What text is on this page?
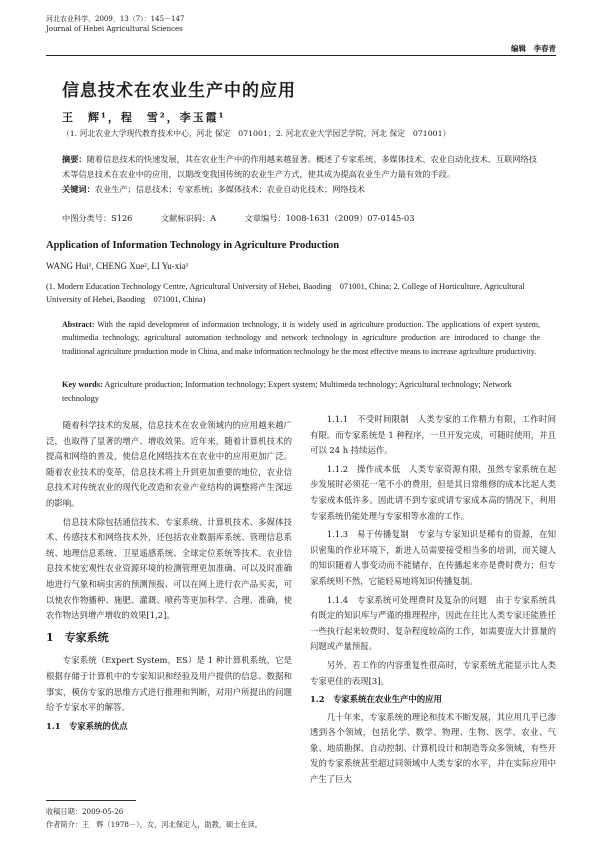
河北农业科学，2009，13（7）：145－147
Journal of Hebei Agricultural Sciences
编辑　李春青
信息技术在农业生产中的应用
王　辉¹，程　雪²，李玉霞¹
（1. 河北农业大学现代教育技术中心，河北 保定　071001；2. 河北农业大学园艺学院，河北 保定　071001）
摘要：随着信息技术的快速发展，其在农业生产中的作用越来越显著。概述了专家系统、多媒体技术、农业自动化技术、互联网络技术等信息技术在农业中的应用，以期改变我国传统的农业生产方式，使其成为提高农业生产力最有效的手段。
关键词：农业生产；信息技术；专家系统；多媒体技术；农业自动化技术；网络技术
中图分类号：S126	文献标识码：A	文章编号：1008-1631（2009）07-0145-03
Application of Information Technology in Agriculture Production
WANG Hui¹, CHENG Xue², LI Yu-xia¹
(1. Modern Education Technology Centre, Agricultural University of Hebei, Baoding　071001, China; 2. College of Horticulture, Agricultural University of Hebei, Baoding　071001, China)
Abstract: With the rapid development of information technology, it is widely used in agriculture production. The applications of expert system, multimedia technology, agricultural automation technology and network technology in agriculture production are introduced to change the traditional agriculture production mode in China, and make information technology be the most effective means to increase agriculture productivity.
Key words: Agriculture production; Information technology; Expert system; Multimeda technology; Agricultural technology; Network technology

随着科学技术的发展，信息技术在农业领域内的应用越来越广泛，也取得了显著的增产、增收效果。近年来，随着计算机技术的提高和网络的普及，使信息化网络技术在农业中的应用更加广泛。随着农业技术的变革，信息技术将上升到更加重要的地位，农业信息技术对传统农业的现代化改造和农业产业结构的调整将产生深远的影响。

信息技术除包括通信技术、专家系统、计算机技术、多媒体技术、传感技术和网络技术外，还包括农业数据库系统、管理信息系统、地理信息系统、卫星遥感系统、全球定位系统等技术。农业信息技术使宏观性农业资源环境的检测管理更加准确、可以及时准确地进行气象和病虫害的预测预报、可以在网上进行农产品买卖，可以使农作物播种、施肥、灌溉、喷药等更加科学、合理、准确，使农作物达到增产增收的效果[1,2]。

1　专家系统

专家系统（Expert System，ES）是 1 种计算机系统，它是根据存储于计算机中的专家知识和经验及用户提供的信息、数据和事实，模仿专家的思维方式进行推理和判断，对用户所提出的问题给予专家水平的解答。

1.1　专家系统的优点
收稿日期：2009-05-26
作者简介：王　辉（1978－），女，河北保定人，助教，硕士在读。

1.1.1　不受时间限制　人类专家的工作精力有限，工作时间有限。而专家系统是 1 种程序，一旦开发完成，可随时使用，并且可以 24 h 持续运作。

1.1.2　操作成本低　人类专家资源有限，虽然专家系统在起步发展时必须花一笔不小的费用，但是其日常维修的成本比起人类专家成本低许多。因此请不到专家或请专家成本高的情况下，利用专家系统仍能处理与专家相等水准的工作。

1.1.3　易于传播复制　专家与专家知识是稀有的资源，在知识密集的作业环境下，新进人员需要接受相当多的培训，而关键人的知识随着人事变动而不能储存，在传播起来亦是费时费力；但专家系统则不然，它能轻易地将知识传播复制。

1.1.4　专家系统可处理费时及复杂的问题　由于专家系统具有既定的知识库与严谨的推理程序，因此在往比人类专家还能胜任一些执行起来较费时、复杂程度较高的工作，如需要庞大计算量的问题或产量预报。

另外，若工作的内容重复性很高时，专家系统尤能显示比人类专家更佳的表现[3]。

1.2　专家系统在农业生产中的应用

几十年来，专家系统的理论和技术不断发展，其应用几乎已渗透到各个领域，包括化学、数学、物理、生物、医学、农业、气象、地质勘探、自动控制、计算机设计和制造等众多领域，有些开发的专家系统甚至超过同领域中人类专家的水平，并在实际应用中产生了巨大
